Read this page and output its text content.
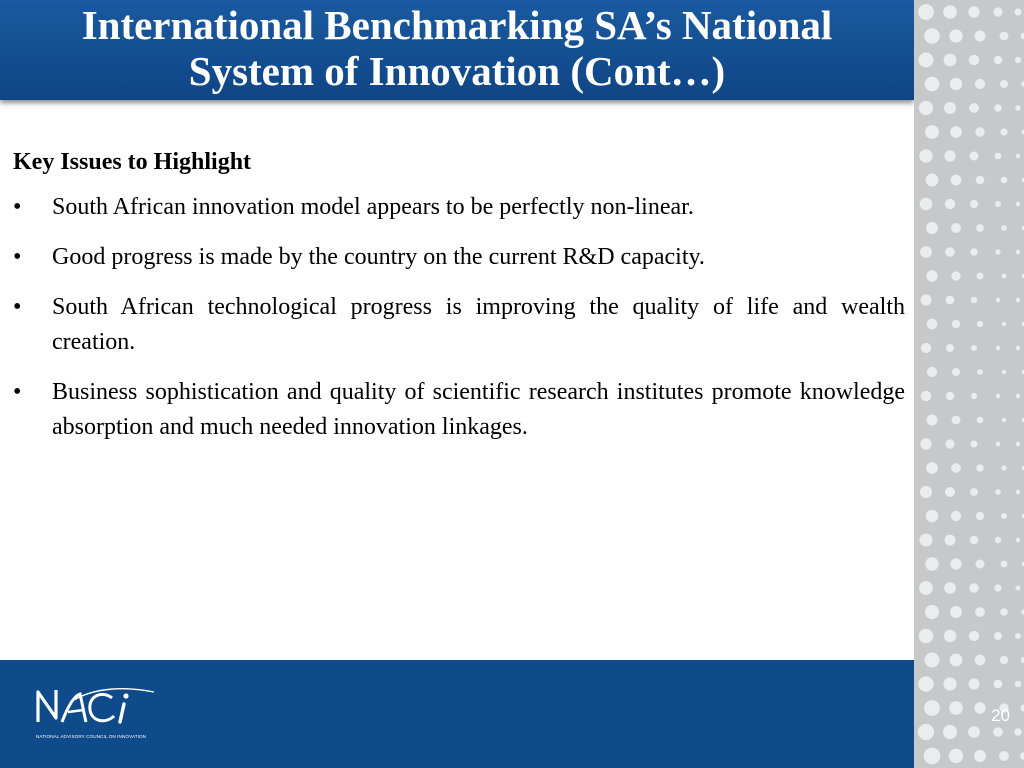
International Benchmarking SA’s National
System of Innovation (Cont…)
Key Issues to Highlight
• South African innovation model appears to be perfectly non-linear.
• Good progress is made by the country on the current R&D capacity.
• South African technological progress is improving the quality of life and wealth creation.
• Business sophistication and quality of scientific research institutes promote knowledge absorption and much needed innovation linkages.
NATIONAL ADVISORY COUNCIL ON INNOVATION
20
